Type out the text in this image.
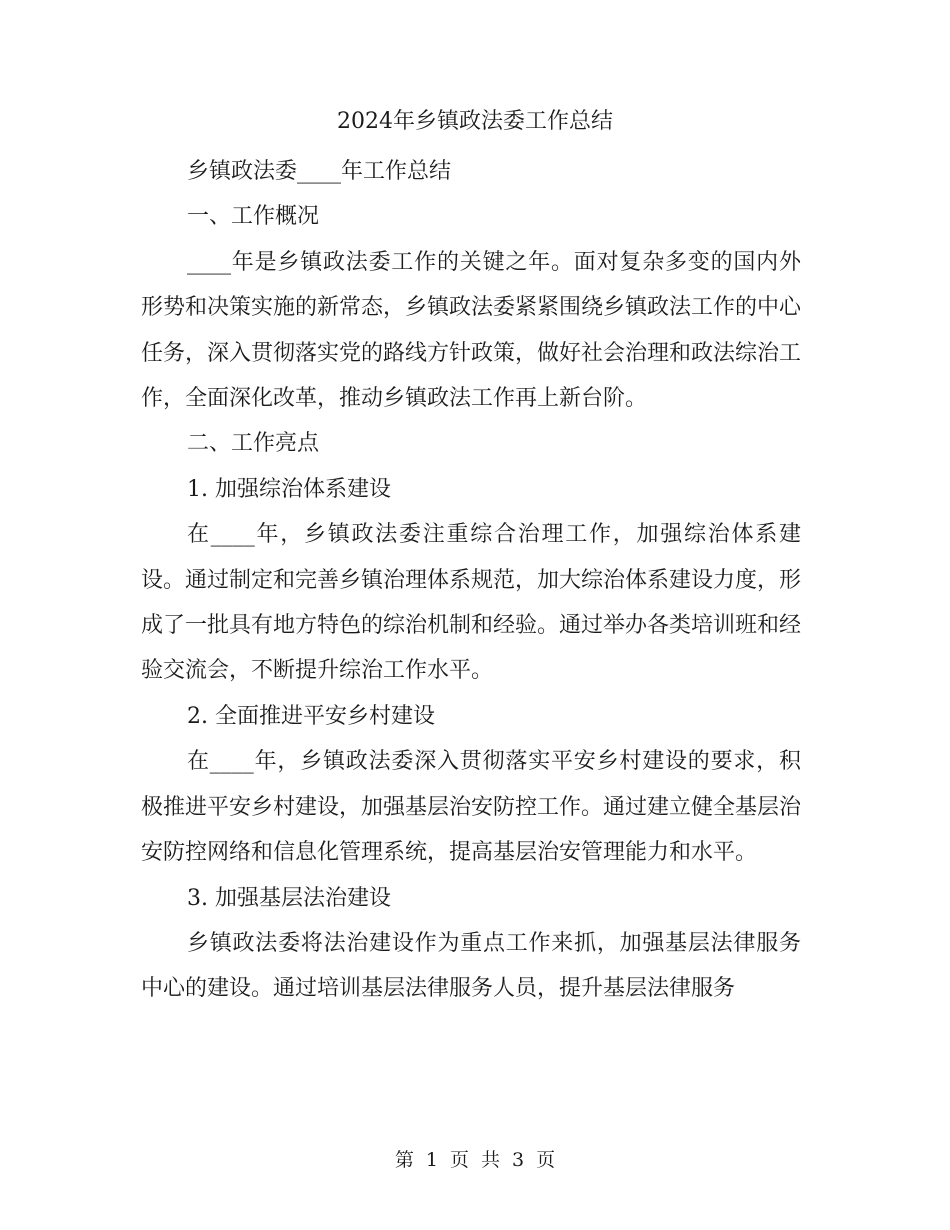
2024年乡镇政法委工作总结

乡镇政法委____年工作总结

一、工作概况

____年是乡镇政法委工作的关键之年。面对复杂多变的国内外形势和决策实施的新常态，乡镇政法委紧紧围绕乡镇政法工作的中心任务，深入贯彻落实党的路线方针政策，做好社会治理和政法综治工作，全面深化改革，推动乡镇政法工作再上新台阶。

二、工作亮点

1. 加强综治体系建设

在____年，乡镇政法委注重综合治理工作，加强综治体系建设。通过制定和完善乡镇治理体系规范，加大综治体系建设力度，形成了一批具有地方特色的综治机制和经验。通过举办各类培训班和经验交流会，不断提升综治工作水平。

2. 全面推进平安乡村建设

在____年，乡镇政法委深入贯彻落实平安乡村建设的要求，积极推进平安乡村建设，加强基层治安防控工作。通过建立健全基层治安防控网络和信息化管理系统，提高基层治安管理能力和水平。

3. 加强基层法治建设

乡镇政法委将法治建设作为重点工作来抓，加强基层法律服务中心的建设。通过培训基层法律服务人员，提升基层法律服务

第 1 页 共 3 页
